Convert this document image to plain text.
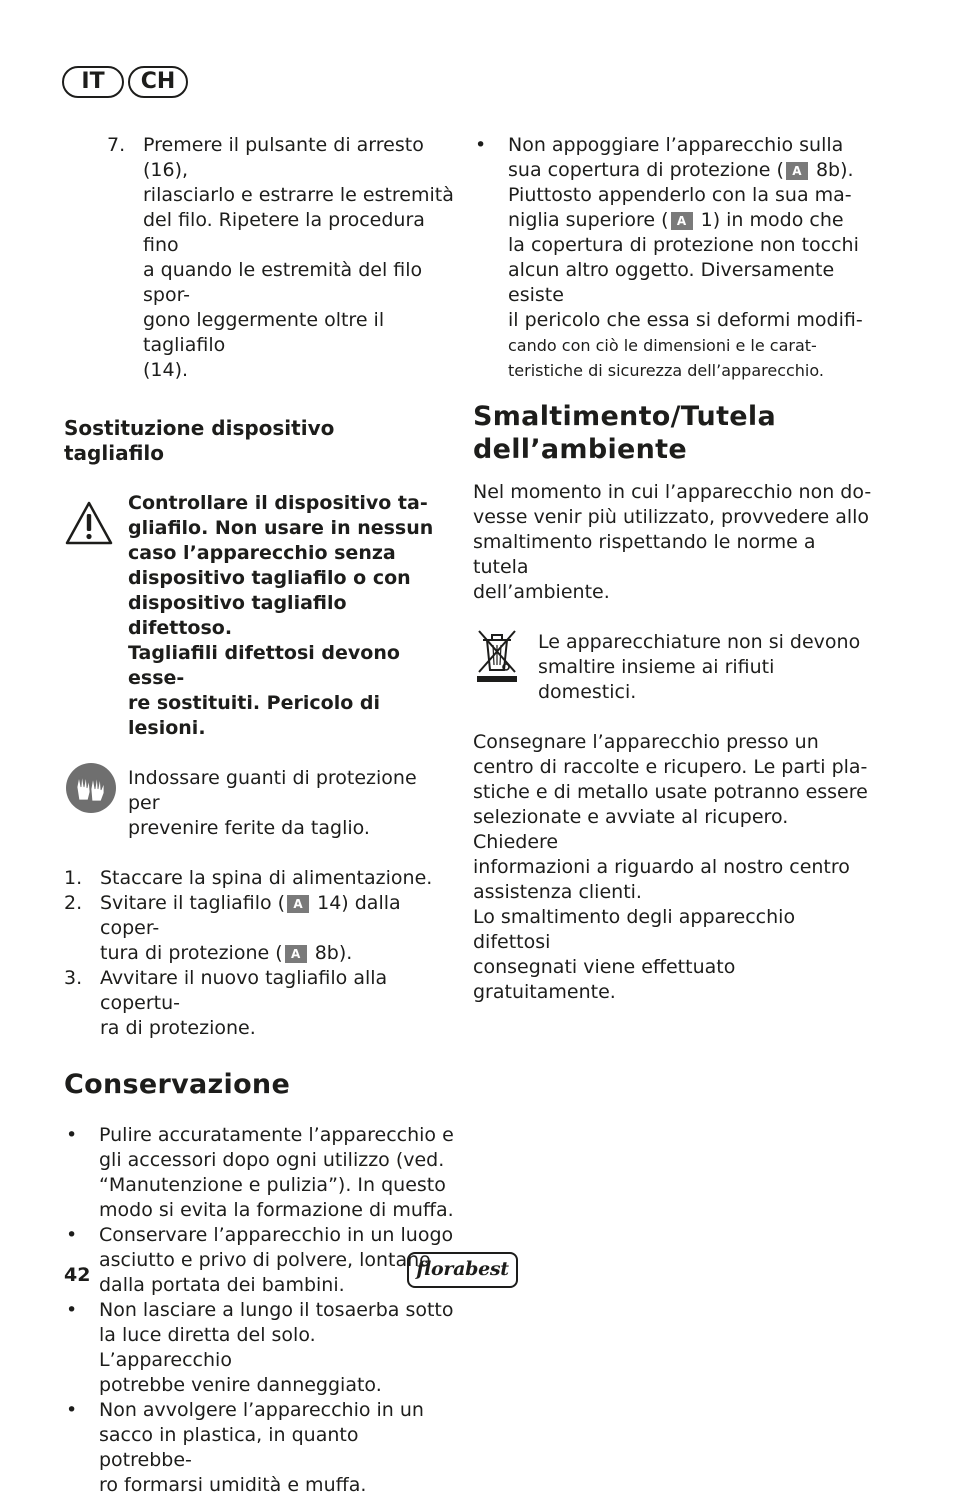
IT	CH
7. Premere il pulsante di arresto (16),
rilasciarlo e estrarre le estremità
del filo. Ripetere la procedura fino
a quando le estremità del filo spor-
gono leggermente oltre il tagliafilo
(14).
Sostituzione dispositivo
tagliafilo
Controllare il dispositivo ta-
gliafilo. Non usare in nessun
caso l’apparecchio senza
dispositivo tagliafilo o con
dispositivo tagliafilo difettoso.
Tagliafili difettosi devono esse-
re sostituiti. Pericolo di lesioni.
Indossare guanti di protezione per
prevenire ferite da taglio.
1. Staccare la spina di alimentazione.
2. Svitare il tagliafilo ( A 14) dalla coper-
tura di protezione ( A 8b).
3. Avvitare il nuovo tagliafilo alla copertu-
ra di protezione.
Conservazione
• Pulire accuratamente l’apparecchio e
gli accessori dopo ogni utilizzo (ved.
“Manutenzione e pulizia”). In questo
modo si evita la formazione di muffa.
• Conservare l’apparecchio in un luogo
asciutto e privo di polvere, lontano
dalla portata dei bambini.
• Non lasciare a lungo il tosaerba sotto
la luce diretta del solo. L’apparecchio
potrebbe venire danneggiato.
• Non avvolgere l’apparecchio in un
sacco in plastica, in quanto potrebbe-
ro formarsi umidità e muffa.
• Non appoggiare l’apparecchio sulla
sua copertura di protezione ( A 8b).
Piuttosto appenderlo con la sua ma-
niglia superiore ( A 1) in modo che
la copertura di protezione non tocchi
alcun altro oggetto. Diversamente esiste
il pericolo che essa si deformi modifi-
cando con ciò le dimensioni e le carat-
teristiche di sicurezza dell’apparecchio.
Smaltimento/Tutela
dell’ambiente
Nel momento in cui l’apparecchio non do-
vesse venir più utilizzato, provvedere allo
smaltimento rispettando le norme a tutela
dell’ambiente.
Le apparecchiature non si devono
smaltire insieme ai rifiuti domestici.
Consegnare l’apparecchio presso un
centro di raccolte e ricupero. Le parti pla-
stiche e di metallo usate potranno essere
selezionate e avviate al ricupero. Chiedere
informazioni a riguardo al nostro centro
assistenza clienti.
Lo smaltimento degli apparecchio difettosi
consegnati viene effettuato gratuitamente.
42	florabest
